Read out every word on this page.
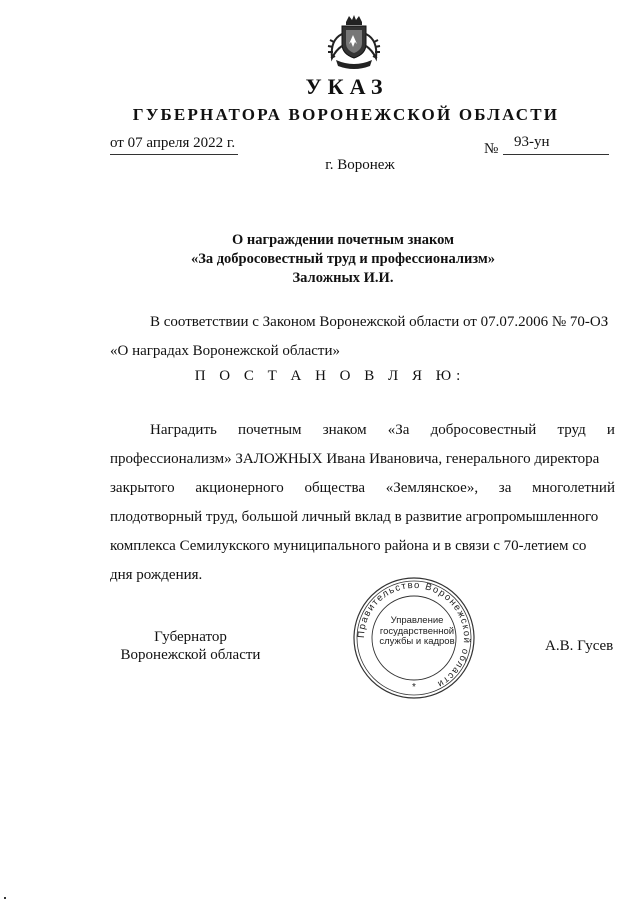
УКАЗ
ГУБЕРНАТОРА ВОРОНЕЖСКОЙ ОБЛАСТИ
от 07 апреля 2022 г.	№ 93-ун
г. Воронеж
О награждении почетным знаком
«За добросовестный труд и профессионализм»
Заложных И.И.
В соответствии с Законом Воронежской области от 07.07.2006 № 70-ОЗ
«О наградах Воронежской области»
П О С Т А Н О В Л Я Ю:
Наградить почетным знаком «За добросовестный труд и
профессионализм» ЗАЛОЖНЫХ Ивана Ивановича, генерального директора
закрытого акционерного общества «Землянское», за многолетний
плодотворный труд, большой личный вклад в развитие агропромышленного
комплекса Семилукского муниципального района и в связи с 70-летием со
дня рождения.
Губернатор
Воронежской области
Правительство Воронежской области
*
Управление
государственной
службы и кадров	А.В. Гусев
